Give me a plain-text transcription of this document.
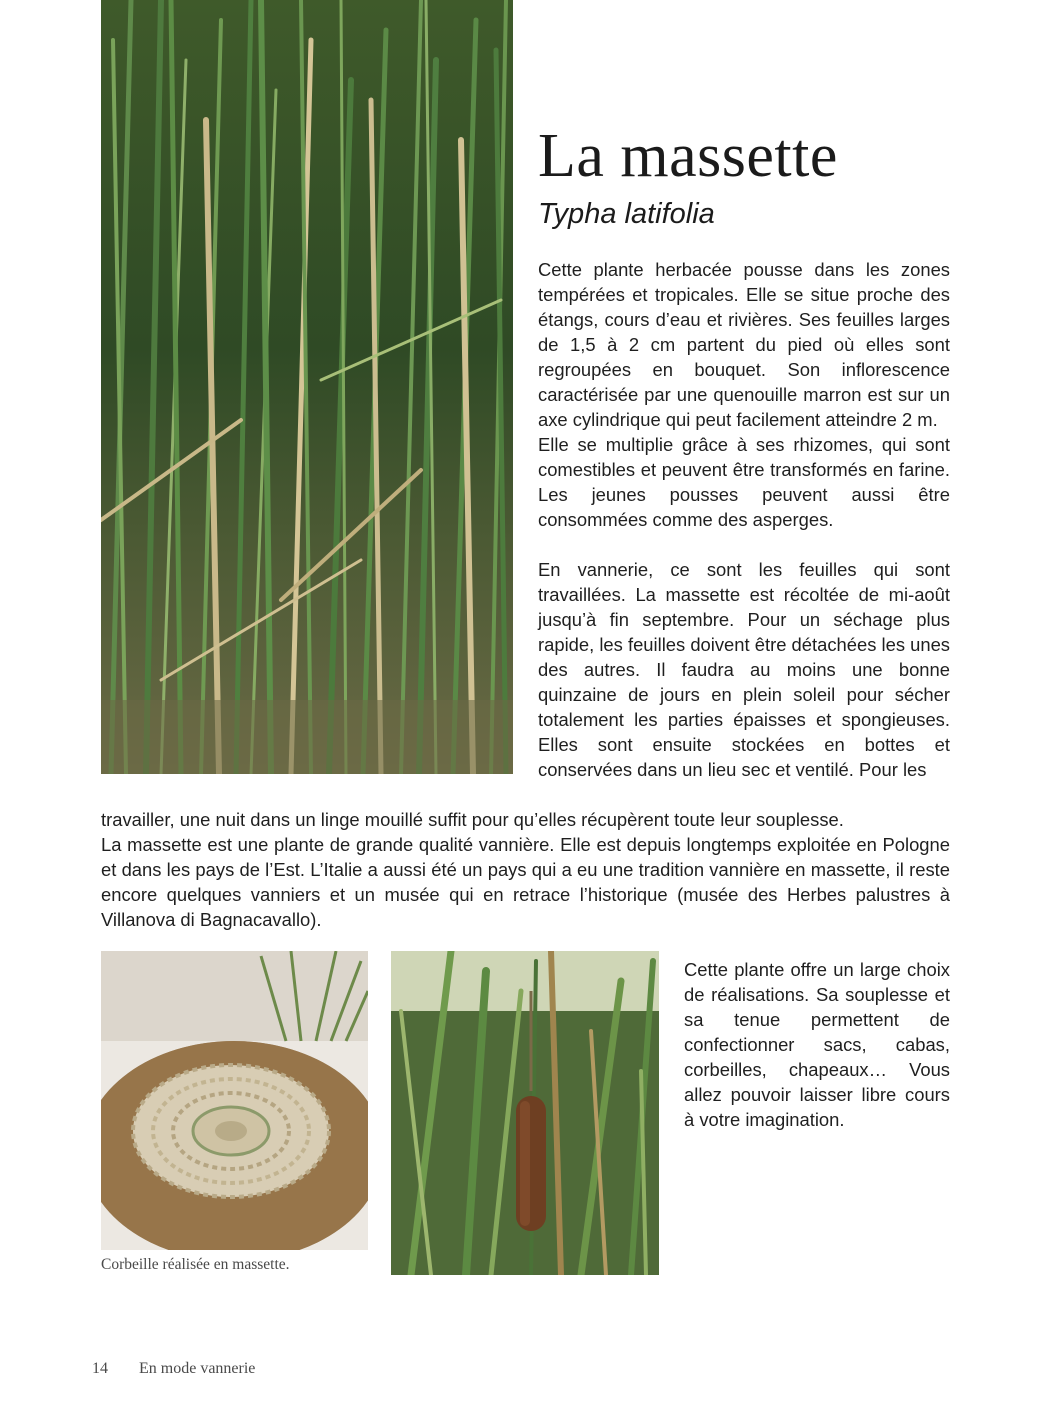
La massette
Typha latifolia

Cette plante herbacée pousse dans les zones tempérées et tropicales. Elle se situe proche des étangs, cours d’eau et rivières. Ses feuilles larges de 1,5 à 2 cm partent du pied où elles sont regroupées en bouquet. Son inflorescence caractérisée par une quenouille marron est sur un axe cylindrique qui peut facilement atteindre 2 m.

Elle se multiplie grâce à ses rhizomes, qui sont comestibles et peuvent être transformés en farine. Les jeunes pousses peuvent aussi être consommées comme des asperges.

En vannerie, ce sont les feuilles qui sont travaillées. La massette est récoltée de mi-août jusqu’à fin septembre. Pour un séchage plus rapide, les feuilles doivent être détachées les unes des autres. Il faudra au moins une bonne quinzaine de jours en plein soleil pour sécher totalement les parties épaisses et spongieuses. Elles sont ensuite stockées en bottes et conservées dans un lieu sec et ventilé. Pour les

travailler, une nuit dans un linge mouillé suffit pour qu’elles récupèrent toute leur souplesse.

La massette est une plante de grande qualité vannière. Elle est depuis longtemps exploitée en Pologne et dans les pays de l’Est. L’Italie a aussi été un pays qui a eu une tradition vannière en massette, il reste encore quelques vanniers et un musée qui en retrace l’historique (musée des Herbes palustres à Villanova di Bagnacavallo).

Corbeille réalisée en massette.

Cette plante offre un large choix de réalisations. Sa souplesse et sa tenue permettent de confectionner sacs, cabas, corbeilles, chapeaux… Vous allez pouvoir laisser libre cours à votre imagination.

14 En mode vannerie
